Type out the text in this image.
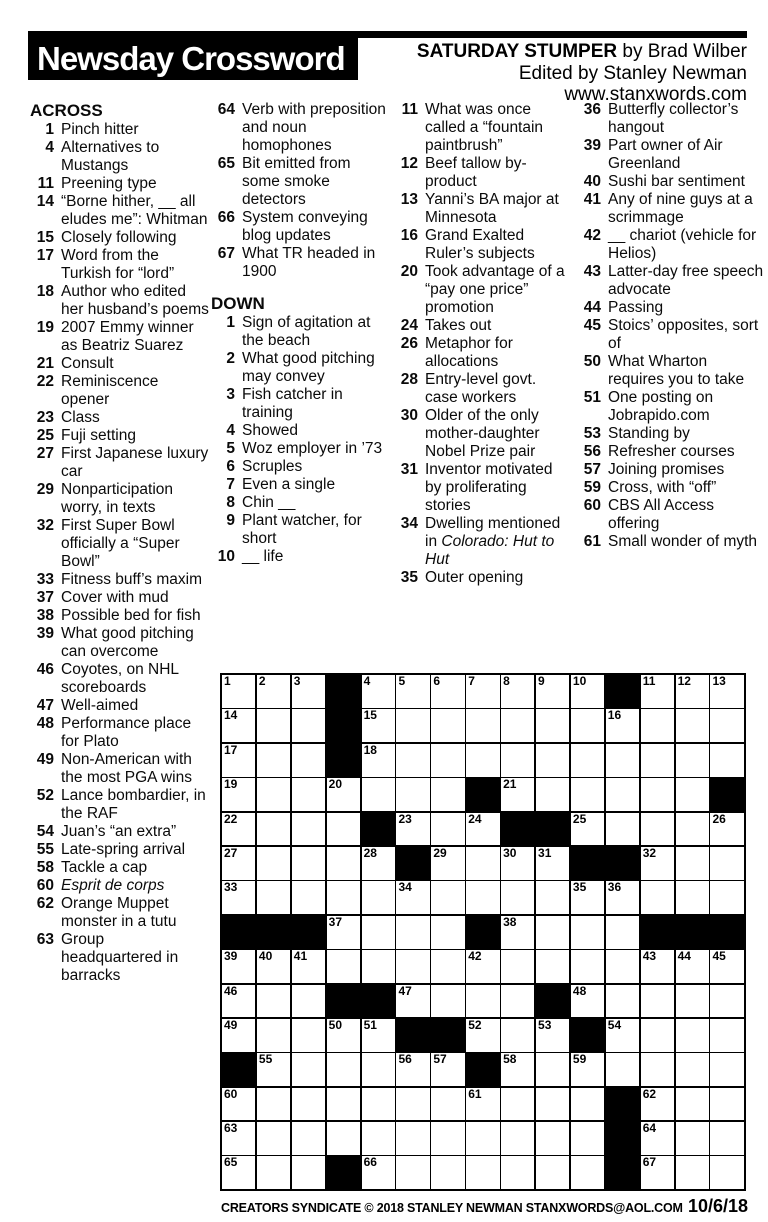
Newsday Crossword	SATURDAY STUMPER by Brad Wilber
Edited by Stanley Newman
www.stanxwords.com
ACROSS
1 Pinch hitter
4 Alternatives to Mustangs
11 Preening type
14 “Borne hither, __ all eludes me”: Whitman
15 Closely following
17 Word from the Turkish for “lord”
18 Author who edited her husband’s poems
19 2007 Emmy winner as Beatriz Suarez
21 Consult
22 Reminiscence opener
23 Class
25 Fuji setting
27 First Japanese luxury car
29 Nonparticipation worry, in texts
32 First Super Bowl officially a “Super Bowl”
33 Fitness buff’s maxim
37 Cover with mud
38 Possible bed for fish
39 What good pitching can overcome
46 Coyotes, on NHL scoreboards
47 Well-aimed
48 Performance place for Plato
49 Non-American with the most PGA wins
52 Lance bombardier, in the RAF
54 Juan’s “an extra”
55 Late-spring arrival
58 Tackle a cap
60 Esprit de corps
62 Orange Muppet monster in a tutu
63 Group headquartered in barracks
64 Verb with preposition and noun homophones
65 Bit emitted from some smoke detectors
66 System conveying blog updates
67 What TR headed in 1900
DOWN
1 Sign of agitation at the beach
2 What good pitching may convey
3 Fish catcher in training
4 Showed
5 Woz employer in ’73
6 Scruples
7 Even a single
8 Chin __
9 Plant watcher, for short
10 __ life
11 What was once called a “fountain paintbrush”
12 Beef tallow by-product
13 Yanni’s BA major at Minnesota
16 Grand Exalted Ruler’s subjects
20 Took advantage of a “pay one price” promotion
24 Takes out
26 Metaphor for allocations
28 Entry-level govt. case workers
30 Older of the only mother-daughter Nobel Prize pair
31 Inventor motivated by proliferating stories
34 Dwelling mentioned in Colorado: Hut to Hut
35 Outer opening
36 Butterfly collector’s hangout
39 Part owner of Air Greenland
40 Sushi bar sentiment
41 Any of nine guys at a scrimmage
42 __ chariot (vehicle for Helios)
43 Latter-day free speech advocate
44 Passing
45 Stoics’ opposites, sort of
50 What Wharton requires you to take
51 One posting on Jobrapido.com
53 Standing by
56 Refresher courses
57 Joining promises
59 Cross, with “off”
60 CBS All Access offering
61 Small wonder of myth
1 2 3	4 5 6 7 8 9 10	11 12 13
14	15	16
17	18
19	20	21
22	23	24	25	26
27	28	29	30 31	32
33	34	35 36
37	38
39 40 41	42	43 44 45
46	47	48
49	50 51	52	53	54
55	56 57	58	59
60	61	62
63	64
65	66	67
CREATORS SYNDICATE © 2018 STANLEY NEWMAN STANXWORDS@AOL.COM 10/6/18
